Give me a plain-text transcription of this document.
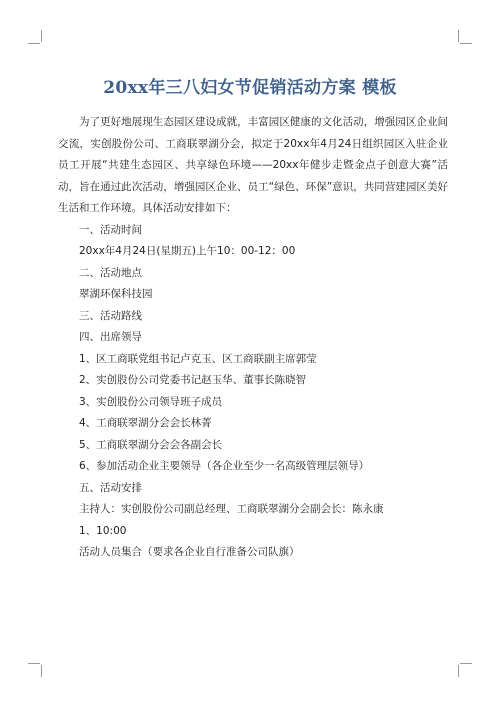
20xx年三八妇女节促销活动方案 模板

为了更好地展现生态园区建设成就，丰富园区健康的文化活动，增强园区企业间交流，实创股份公司、工商联翠湖分会，拟定于20xx年4月24日组织园区入驻企业员工开展“共建生态园区、共享绿色环境——20xx年健步走暨金点子创意大赛”活动，旨在通过此次活动，增强园区企业、员工“绿色、环保”意识，共同营建园区美好生活和工作环境。具体活动安排如下：

一、活动时间
20xx年4月24日(星期五)上午10：00-12：00
二、活动地点
翠湖环保科技园
三、活动路线
四、出席领导
1、区工商联党组书记卢克玉、区工商联副主席郭莹
2、实创股份公司党委书记赵玉华、董事长陈晓智
3、实创股份公司领导班子成员
4、工商联翠湖分会会长林菁
5、工商联翠湖分会会各副会长
6、参加活动企业主要领导（各企业至少一名高级管理层领导）
五、活动安排
主持人：实创股份公司副总经理、工商联翠湖分会副会长：陈永康
1、10:00
活动人员集合（要求各企业自行准备公司队旗）
